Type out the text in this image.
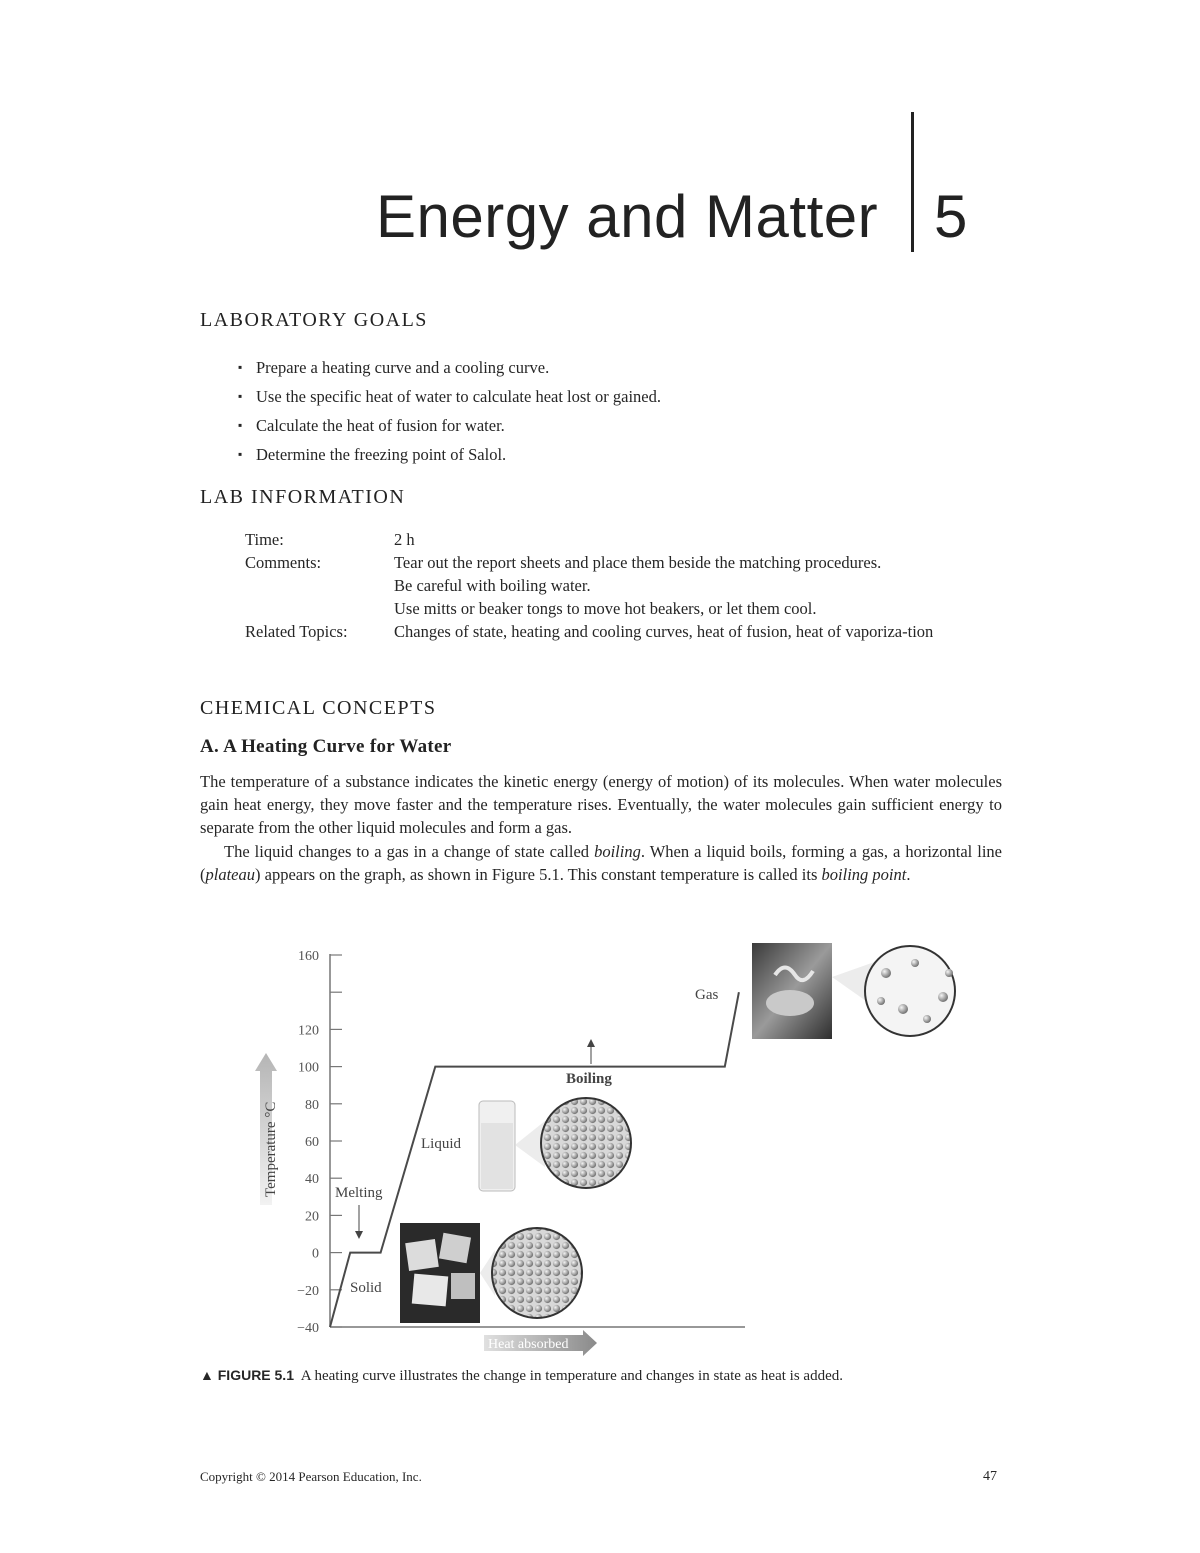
Energy and Matter 5
LABORATORY GOALS
▪ Prepare a heating curve and a cooling curve.
▪ Use the specific heat of water to calculate heat lost or gained.
▪ Calculate the heat of fusion for water.
▪ Determine the freezing point of Salol.
LAB INFORMATION
Time:	2 h
Comments:	Tear out the report sheets and place them beside the matching procedures.
Be careful with boiling water.
Use mitts or beaker tongs to move hot beakers, or let them cool.
Related Topics:	Changes of state, heating and cooling curves, heat of fusion, heat of vaporiza-tion
CHEMICAL CONCEPTS
A. A Heating Curve for Water

The temperature of a substance indicates the kinetic energy (energy of motion) of its molecules. When water molecules gain heat energy, they move faster and the temperature rises. Eventually, the water molecules gain sufficient energy to separate from the other liquid molecules and form a gas.

The liquid changes to a gas in a change of state called boiling. When a liquid boils, forming a gas, a horizontal line (plateau) appears on the graph, as shown in Figure 5.1. This constant temperature is called its boiling point.

−40
−20
0
20
40
60
80
100
120
160
Temperature °C
Heat absorbed
Gas
Boiling
Liquid
Melting
Solid
▲ FIGURE 5.1 A heating curve illustrates the change in temperature and changes in state as heat is added.
Copyright © 2014 Pearson Education, Inc.	47
